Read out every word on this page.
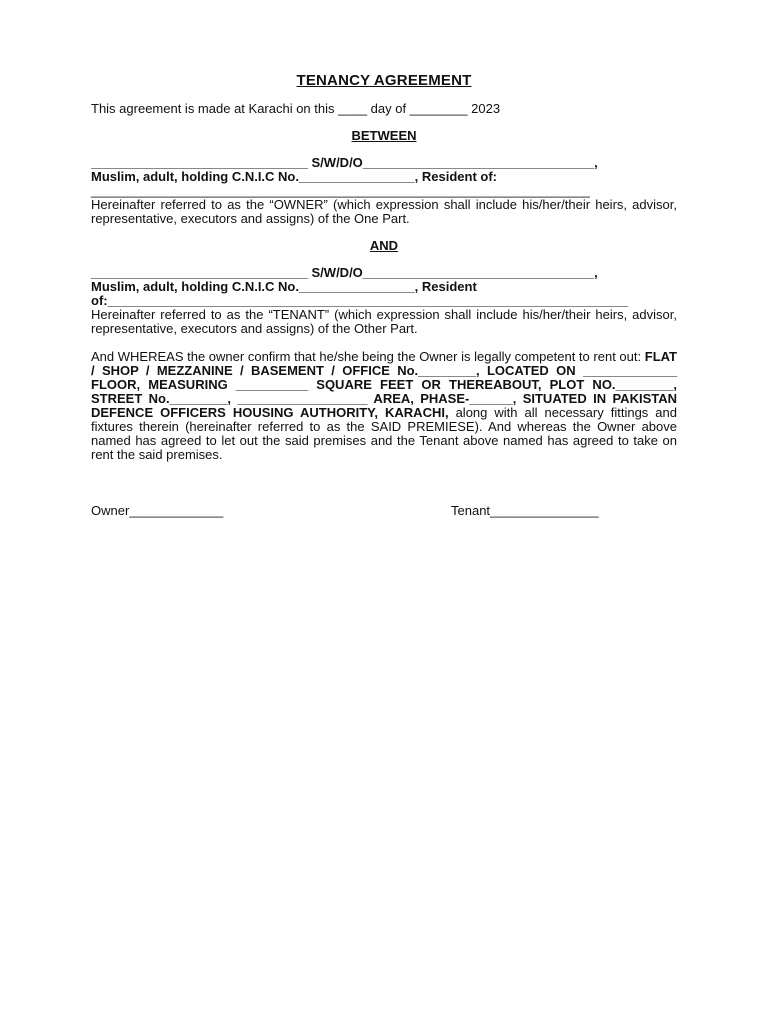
TENANCY AGREEMENT

This agreement is made at Karachi on this ____ day of ________ 2023

BETWEEN

______________________________ S/W/D/O________________________________,

Muslim, adult, holding C.N.I.C No.________________, Resident of:

_____________________________________________________________________

Hereinafter referred to as the “OWNER” (which expression shall include his/her/their heirs, advisor, representative, executors and assigns) of the One Part.

AND

______________________________ S/W/D/O________________________________,

Muslim, adult, holding C.N.I.C No.________________, Resident

of:________________________________________________________________________

Hereinafter referred to as the “TENANT” (which expression shall include his/her/their heirs, advisor, representative, executors and assigns) of the Other Part.

And WHEREAS the owner confirm that he/she being the Owner is legally competent to rent out: FLAT / SHOP / MEZZANINE / BASEMENT / OFFICE No.________, LOCATED ON _____________ FLOOR, MEASURING __________ SQUARE FEET OR THEREABOUT, PLOT NO.________, STREET No.________, __________________ AREA, PHASE-______, SITUATED IN PAKISTAN DEFENCE OFFICERS HOUSING AUTHORITY, KARACHI, along with all necessary fittings and fixtures therein (hereinafter referred to as the SAID PREMIESE). And whereas the Owner above named has agreed to let out the said premises and the Tenant above named has agreed to take on rent the said premises.

Owner_____________	Tenant_______________
